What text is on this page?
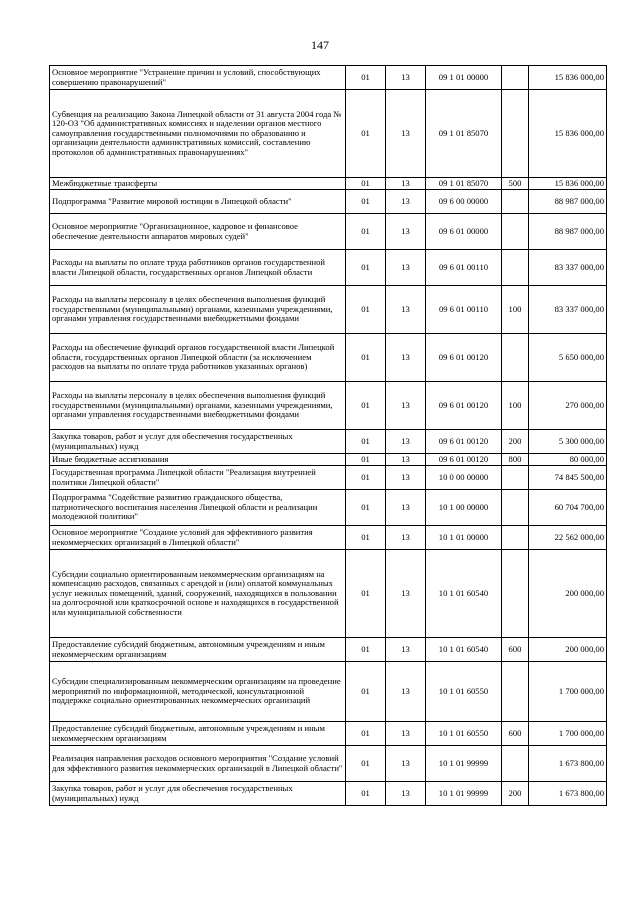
147
Основное мероприятие "Устранение причин и условий, способствующих совершению правонарушений"	01	13	09 1 01 00000		15 836 000,00
Субвенция на реализацию Закона Липецкой области от 31 августа 2004 года № 120-ОЗ "Об административных комиссиях и наделении органов местного самоуправления государственными полномочиями по образованию и организации деятельности административных комиссий, составлению протоколов об административных правонарушениях"	01	13	09 1 01 85070		15 836 000,00
Межбюджетные трансферты	01	13	09 1 01 85070	500	15 836 000,00
Подпрограмма "Развитие мировой юстиции в Липецкой области"	01	13	09 6 00 00000		88 987 000,00
Основное мероприятие "Организационное, кадровое и финансовое обеспечение деятельности аппаратов мировых судей"	01	13	09 6 01 00000		88 987 000,00
Расходы на выплаты по оплате труда работников органов государственной власти Липецкой области, государственных органов Липецкой области	01	13	09 6 01 00110		83 337 000,00
Расходы на выплаты персоналу в целях обеспечения выполнения функций государственными (муниципальными) органами, казенными учреждениями, органами управления государственными внебюджетными фондами	01	13	09 6 01 00110	100	83 337 000,00
Расходы на обеспечение функций органов государственной власти Липецкой области, государственных органов Липецкой области (за исключением расходов на выплаты по оплате труда работников указанных органов)	01	13	09 6 01 00120		5 650 000,00
Расходы на выплаты персоналу в целях обеспечения выполнения функций государственными (муниципальными) органами, казенными учреждениями, органами управления государственными внебюджетными фондами	01	13	09 6 01 00120	100	270 000,00
Закупка товаров, работ и услуг для обеспечения государственных (муниципальных) нужд	01	13	09 6 01 00120	200	5 300 000,00
Иные бюджетные ассигнования	01	13	09 6 01 00120	800	80 000,00
Государственная программа Липецкой области "Реализация внутренней политики Липецкой области"	01	13	10 0 00 00000		74 845 500,00
Подпрограмма "Содействие развитию гражданского общества, патриотического воспитания населения Липецкой области и реализации молодежной политики"	01	13	10 1 00 00000		60 704 700,00
Основное мероприятие "Создание условий для эффективного развития некоммерческих организаций в Липецкой области"	01	13	10 1 01 00000		22 562 000,00
Субсидии социально ориентированным некоммерческим организациям на компенсацию расходов, связанных с арендой и (или) оплатой коммунальных услуг нежилых помещений, зданий, сооружений, находящихся в пользовании на долгосрочной или краткосрочной основе и находящихся в государственной или муниципальной собственности	01	13	10 1 01 60540		200 000,00
Предоставление субсидий бюджетным, автономным учреждениям и иным некоммерческим организациям	01	13	10 1 01 60540	600	200 000,00
Субсидии специализированным некоммерческим организациям на проведение мероприятий по информационной, методической, консультационной поддержке социально ориентированных некоммерческих организаций	01	13	10 1 01 60550		1 700 000,00
Предоставление субсидий бюджетным, автономным учреждениям и иным некоммерческим организациям	01	13	10 1 01 60550	600	1 700 000,00
Реализация направления расходов основного мероприятия "Создание условий для эффективного развития некоммерческих организаций в Липецкой области"	01	13	10 1 01 99999		1 673 800,00
Закупка товаров, работ и услуг для обеспечения государственных (муниципальных) нужд	01	13	10 1 01 99999	200	1 673 800,00
